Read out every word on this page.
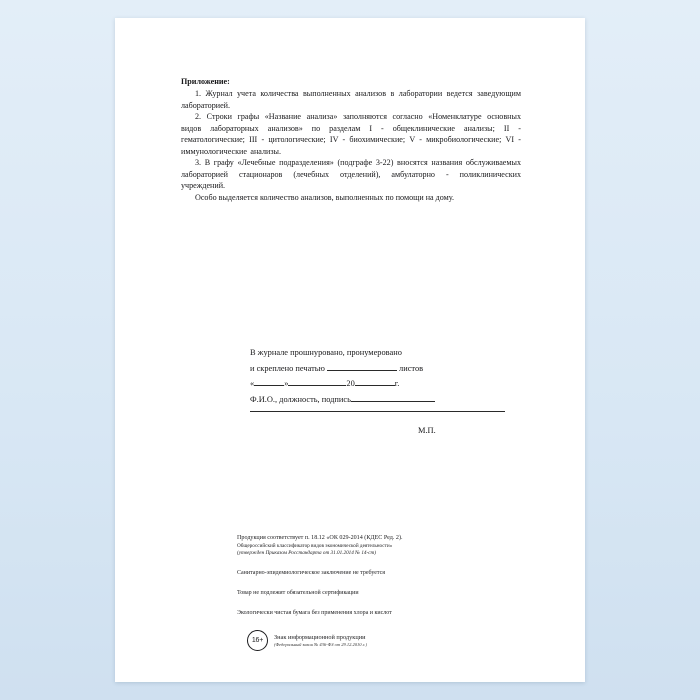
Приложение:

1. Журнал учета количества выполненных анализов в лаборатории ведется заведующим лабораторией.

2. Строки графы «Название анализа» заполняются согласно «Номенклатуре основных видов лабораторных анализов» по разделам I - общеклинические анализы; II - гематологические; III - цитологические; IV - биохимические; V - микробиологические; VI - иммунологические анализы.

3. В графу «Лечебные подразделения» (подграфе 3-22) вносятся названия обслуживаемых лабораторией стационаров (лечебных отделений), амбулаторно - поликлинических учреждений.

Особо выделяется количество анализов, выполненных по помощи на дому.

В журнале прошнуровано, пронумеровано
и скреплено печатью	листов
«	»	20	г.
Ф.И.О., должность, подпись
М.П.
Продукция соответствует п. 18.12 «ОК 029-2014 (КДЕС Ред. 2).
Общероссийский классификатор видов экономической деятельности»
(утвержден Приказом Росстандарта от 31.01.2014 № 14-ст)
Санитарно-эпидемиологическое заключение не требуется
Товар не подлежит обязательной сертификации
Экологически чистая бумага без применения хлора и кислот
16+	Знак информационной продукции
(Федеральный закон № 436-ФЗ от 29.12.2010 г.)
